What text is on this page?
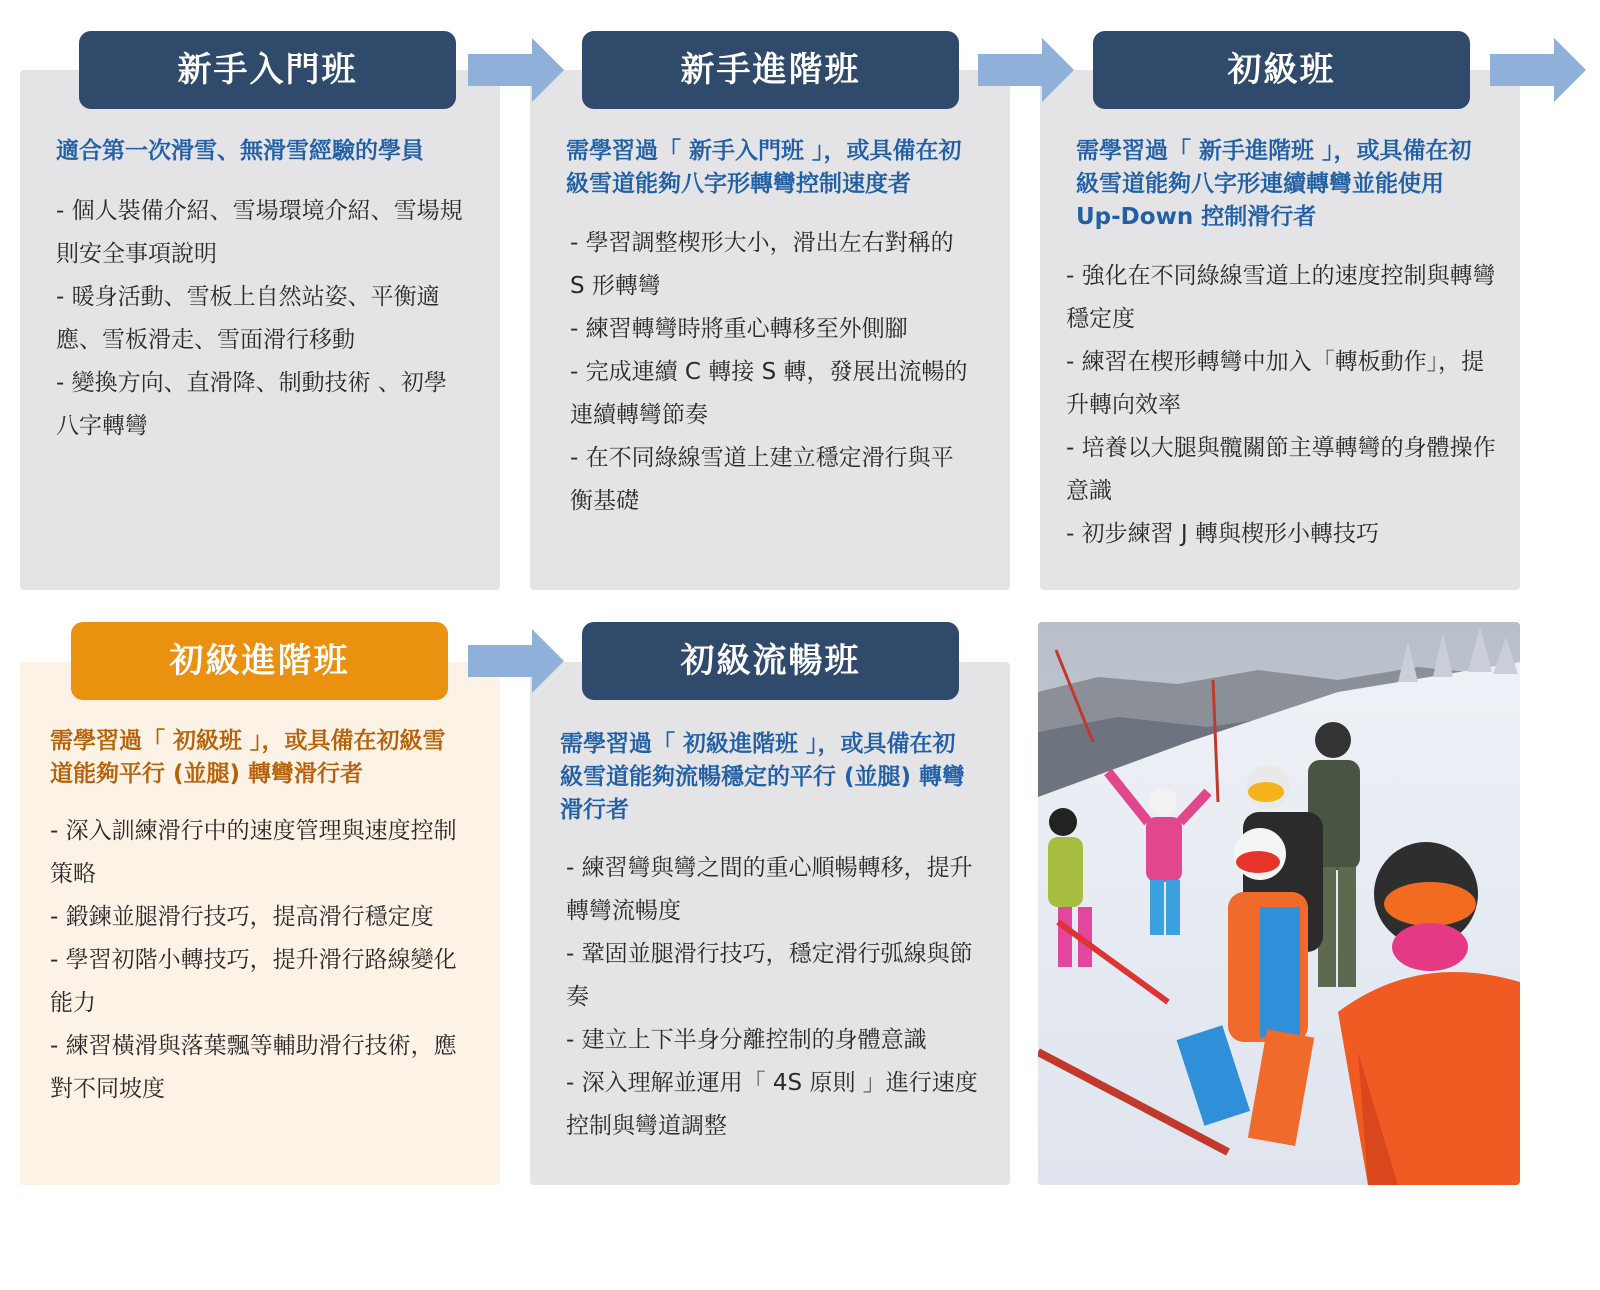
新手入門班	新手進階班	初級班

適合第一次滑雪、無滑雪經驗的學員

- 個人裝備介紹、雪場環境介紹、雪場規則安全事項說明
- 暖身活動、雪板上自然站姿、平衡適應、雪板滑走、雪面滑行移動
- 變換方向、直滑降、制動技術 、初學八字轉彎

需學習過「 新手入門班 」，或具備在初級雪道能夠八字形轉彎控制速度者

- 學習調整楔形大小，滑出左右對稱的 S 形轉彎
- 練習轉彎時將重心轉移至外側腳
- 完成連續 C 轉接 S 轉，發展出流暢的連續轉彎節奏
- 在不同綠線雪道上建立穩定滑行與平衡基礎

需學習過「 新手進階班 」，或具備在初級雪道能夠八字形連續轉彎並能使用 Up-Down 控制滑行者

- 強化在不同綠線雪道上的速度控制與轉彎穩定度
- 練習在楔形轉彎中加入「轉板動作」，提升轉向效率
- 培養以大腿與髖關節主導轉彎的身體操作意識
- 初步練習 J 轉與楔形小轉技巧
初級進階班	初級流暢班

需學習過「 初級班 」，或具備在初級雪道能夠平行 (並腿) 轉彎滑行者

- 深入訓練滑行中的速度管理與速度控制策略
- 鍛鍊並腿滑行技巧，提高滑行穩定度
- 學習初階小轉技巧，提升滑行路線變化能力
- 練習橫滑與落葉飄等輔助滑行技術，應對不同坡度

需學習過「 初級進階班 」，或具備在初級雪道能夠流暢穩定的平行 (並腿) 轉彎滑行者

- 練習彎與彎之間的重心順暢轉移，提升轉彎流暢度
- 鞏固並腿滑行技巧，穩定滑行弧線與節奏
- 建立上下半身分離控制的身體意識
- 深入理解並運用「 4S 原則 」進行速度控制與彎道調整
